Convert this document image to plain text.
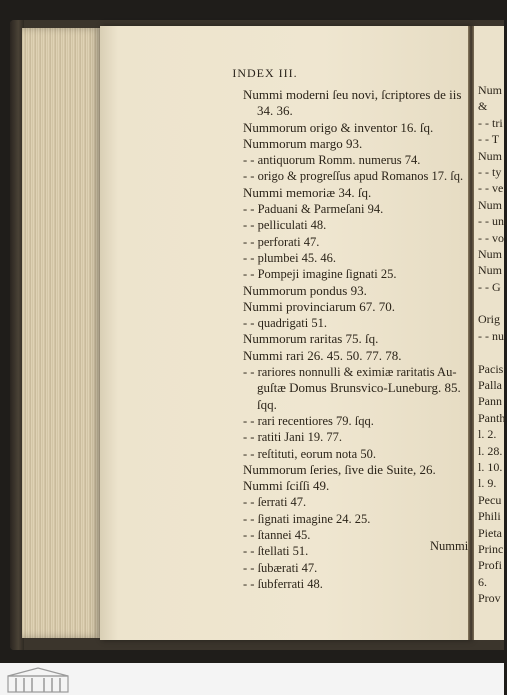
Num
&
- - tri
- - T
Num
- - ty
- - ve
Num
- - uni
- - vo
Num
Num
- - G
Orig
- - nu
Pacis
Palla
Pann
Panth
l. 2.
l. 28.
l. 10.
l. 9.
Pecu
Phili
Pieta
Princ
Profi
6.
Prov
INDEX III.
Nummi moderni ſeu novi, ſcriptores de iis
34. 36.
Nummorum origo & inventor 16. ſq.
Nummorum margo 93.
- - antiquorum Romm. numerus 74.
- - origo & progreſſus apud Romanos 17. ſq.
Nummi memoriæ 34. ſq.
- - Paduani & Parmeſani 94.
- - pelliculati 48.
- - perforati 47.
- - plumbei 45. 46.
- - Pompeji imagine ſignati 25.
Nummorum pondus 93.
Nummi provinciarum 67. 70.
- - quadrigati 51.
Nummorum raritas 75. ſq.
Nummi rari 26. 45. 50. 77. 78.
- - rariores nonnulli & eximiæ raritatis Au-
guſtæ Domus Brunsvico-Luneburg. 85.
ſqq.
- - rari recentiores 79. ſqq.
- - ratiti Jani 19. 77.
- - reſtituti, eorum nota 50.
Nummorum ſeries, ſive die Suite, 26.
Nummi ſciſſi 49.
- - ſerrati 47.
- - ſignati imagine 24. 25.
- - ſtannei 45.
- - ſtellati 51.
- - ſubærati 47.
- - ſubferrati 48.
Nummi
